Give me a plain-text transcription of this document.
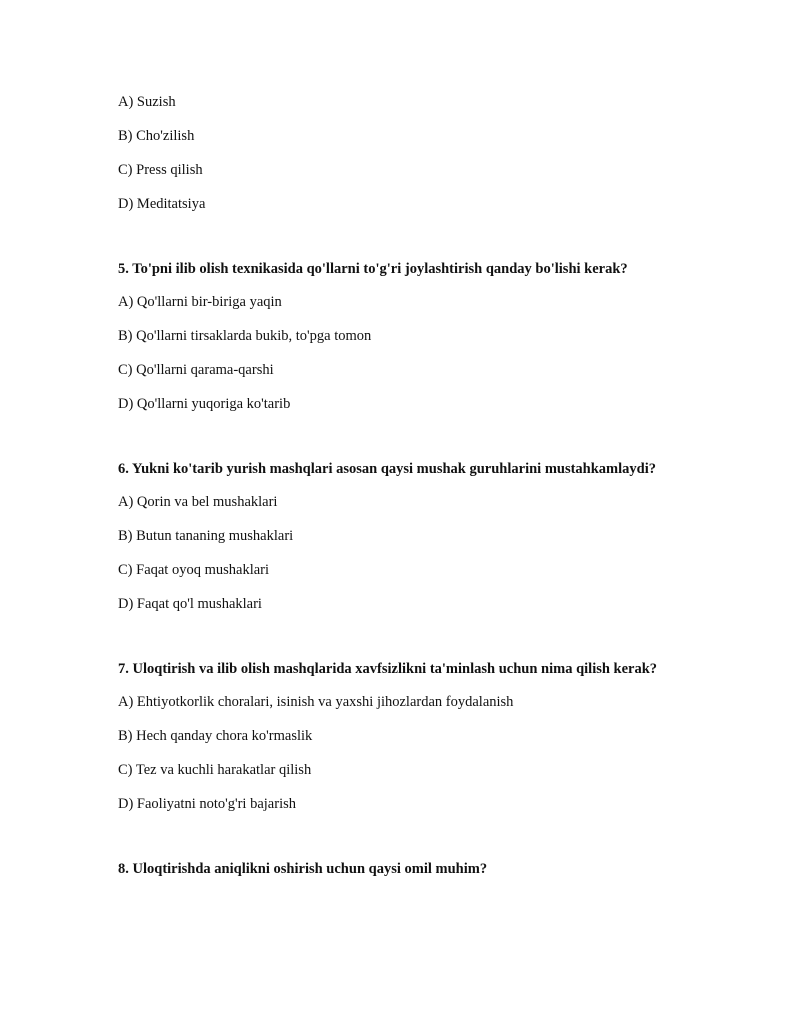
A) Suzish
B) Cho'zilish
C) Press qilish
D) Meditatsiya
5. To'pni ilib olish texnikasida qo'llarni to'g'ri joylashtirish qanday bo'lishi kerak?
A) Qo'llarni bir-biriga yaqin
B) Qo'llarni tirsaklarda bukib, to'pga tomon
C) Qo'llarni qarama-qarshi
D) Qo'llarni yuqoriga ko'tarib
6. Yukni ko'tarib yurish mashqlari asosan qaysi mushak guruhlarini mustahkamlaydi?
A) Qorin va bel mushaklari
B) Butun tananing mushaklari
C) Faqat oyoq mushaklari
D) Faqat qo'l mushaklari
7. Uloqtirish va ilib olish mashqlarida xavfsizlikni ta'minlash uchun nima qilish kerak?
A) Ehtiyotkorlik choralari, isinish va yaxshi jihozlardan foydalanish
B) Hech qanday chora ko'rmaslik
C) Tez va kuchli harakatlar qilish
D) Faoliyatni noto'g'ri bajarish
8. Uloqtirishda aniqlikni oshirish uchun qaysi omil muhim?
